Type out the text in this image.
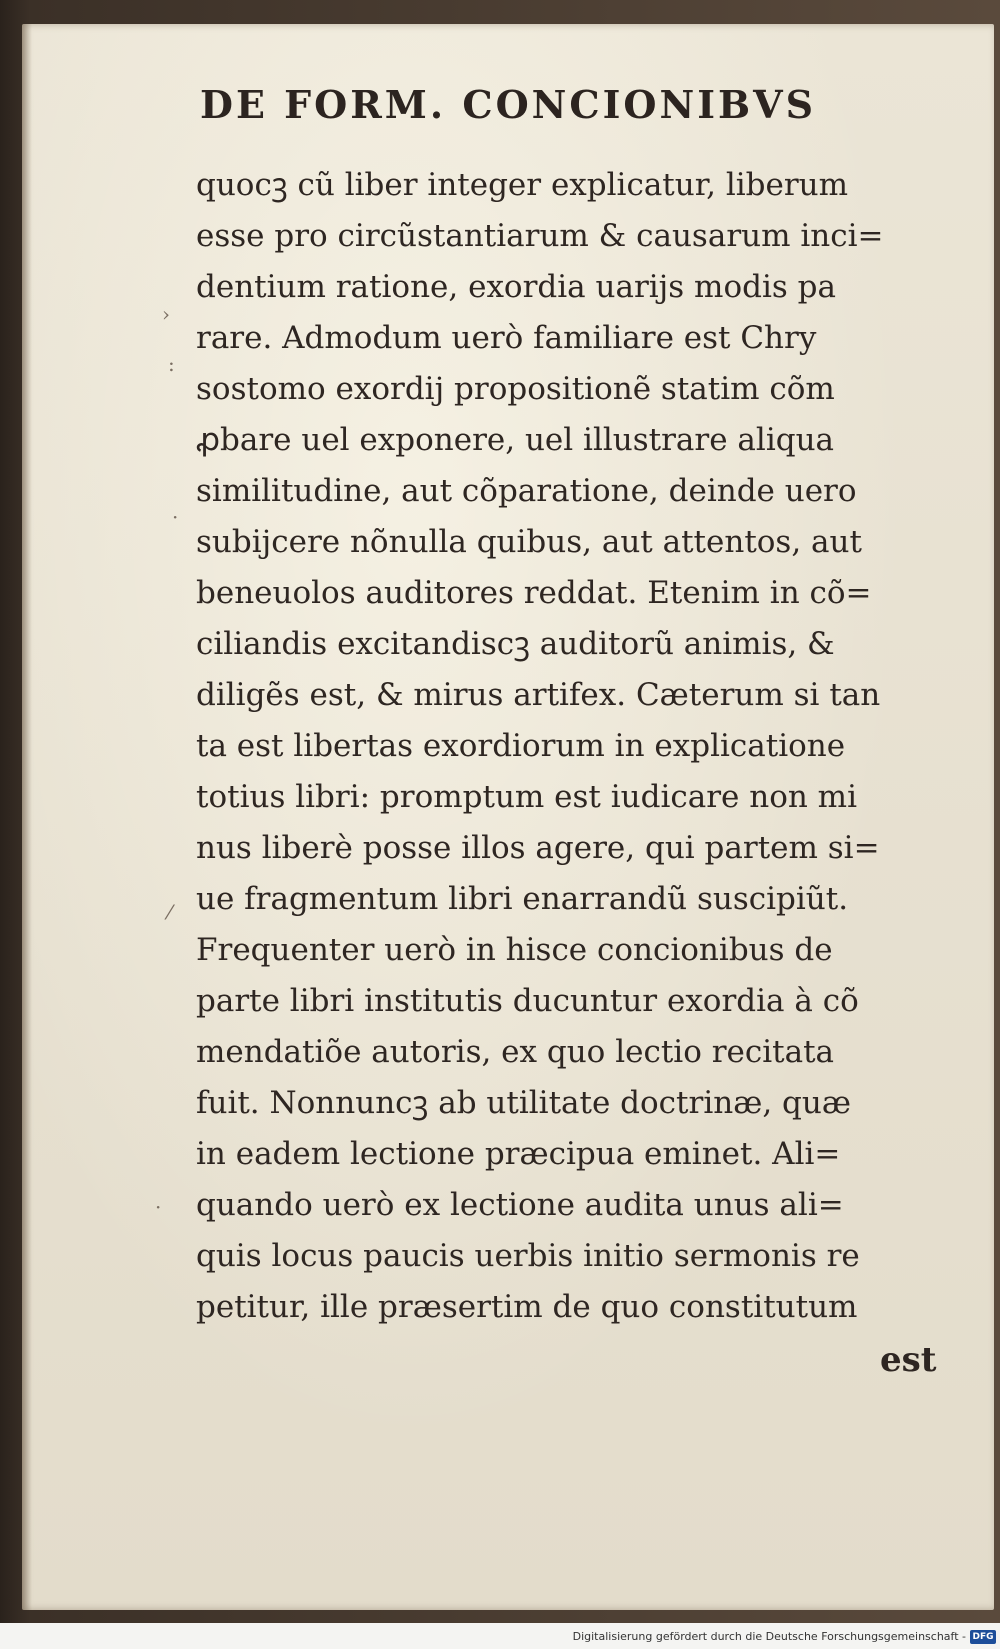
DE FORM. CONCIONIBVS
quocꝫ cũ liber integer explicatur, liberum
esse pro circũstantiarum & causarum inci=
dentium ratione, exordia uarijs modis pa
rare. Admodum uerò familiare est Chry
sostomo exordij propositionẽ statim cõm
ꝓbare uel exponere, uel illustrare aliqua
similitudine, aut cõparatione, deinde uero
subijcere nõnulla quibus, aut attentos, aut
beneuolos auditores reddat. Etenim in cõ=
ciliandis excitandiscꝫ auditorũ animis, &
diligẽs est, & mirus artifex. Cæterum si tan
ta est libertas exordiorum in explicatione
totius libri: promptum est iudicare non mi
nus liberè posse illos agere, qui partem si=
ue fragmentum libri enarrandũ suscipiũt.
Frequenter uerò in hisce concionibus de
parte libri institutis ducuntur exordia à cõ
mendatiõe autoris, ex quo lectio recitata
fuit. Nonnuncꝫ ab utilitate doctrinæ, quæ
in eadem lectione præcipua eminet. Ali=
quando uerò ex lectione audita unus ali=
quis locus paucis uerbis initio sermonis re
petitur, ille præsertim de quo constitutum
est
›
:
·
⁄
·
Digitalisierung gefördert durch die Deutsche Forschungsgemeinschaft - DFG
